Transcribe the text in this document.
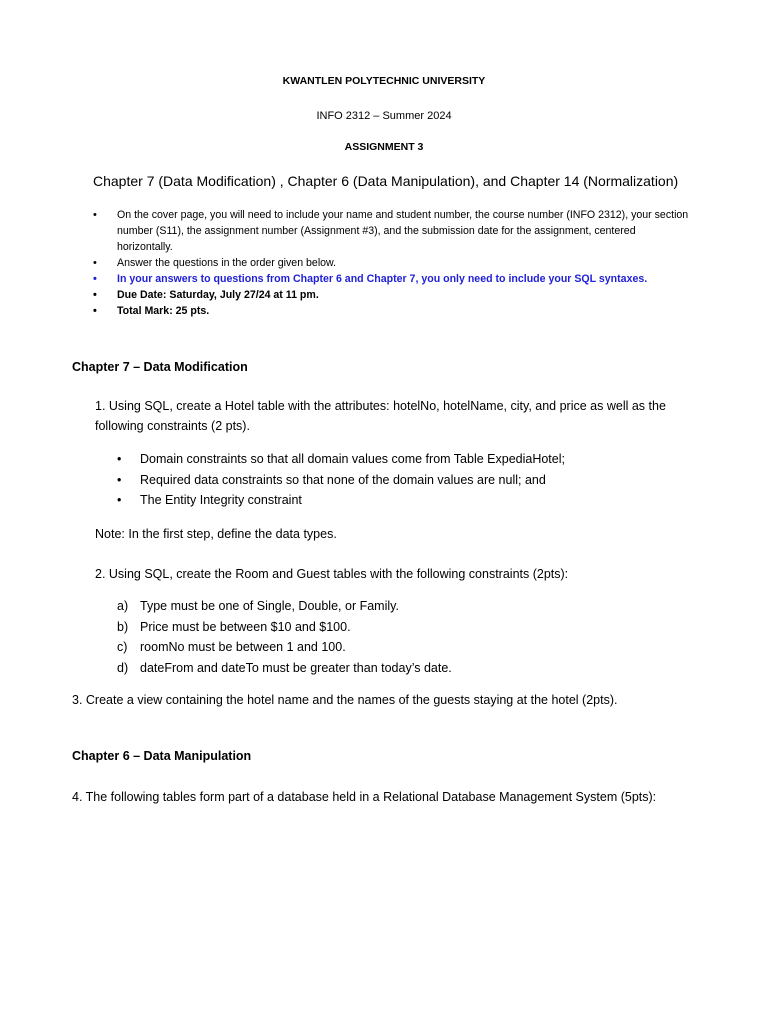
KWANTLEN POLYTECHNIC UNIVERSITY
INFO 2312 – Summer 2024
ASSIGNMENT 3
Chapter 7 (Data Modification) , Chapter 6 (Data Manipulation), and Chapter 14 (Normalization)
• On the cover page, you will need to include your name and student number, the course number (INFO 2312), your section number (S11), the assignment number (Assignment #3), and the submission date for the assignment, centered horizontally.
• Answer the questions in the order given below.
• In your answers to questions from Chapter 6 and Chapter 7, you only need to include your SQL syntaxes.
• Due Date: Saturday, July 27/24 at 11 pm.
• Total Mark: 25 pts.
Chapter 7 – Data Modification
1. Using SQL, create a Hotel table with the attributes: hotelNo, hotelName, city, and price as well as the following constraints (2 pts).
• Domain constraints so that all domain values come from Table ExpediaHotel;
• Required data constraints so that none of the domain values are null; and
• The Entity Integrity constraint
Note: In the first step, define the data types.
2. Using SQL, create the Room and Guest tables with the following constraints (2pts):
a) Type must be one of Single, Double, or Family.
b) Price must be between $10 and $100.
c) roomNo must be between 1 and 100.
d) dateFrom and dateTo must be greater than today’s date.
3. Create a view containing the hotel name and the names of the guests staying at the hotel (2pts).
Chapter 6 – Data Manipulation
4. The following tables form part of a database held in a Relational Database Management System (5pts):
